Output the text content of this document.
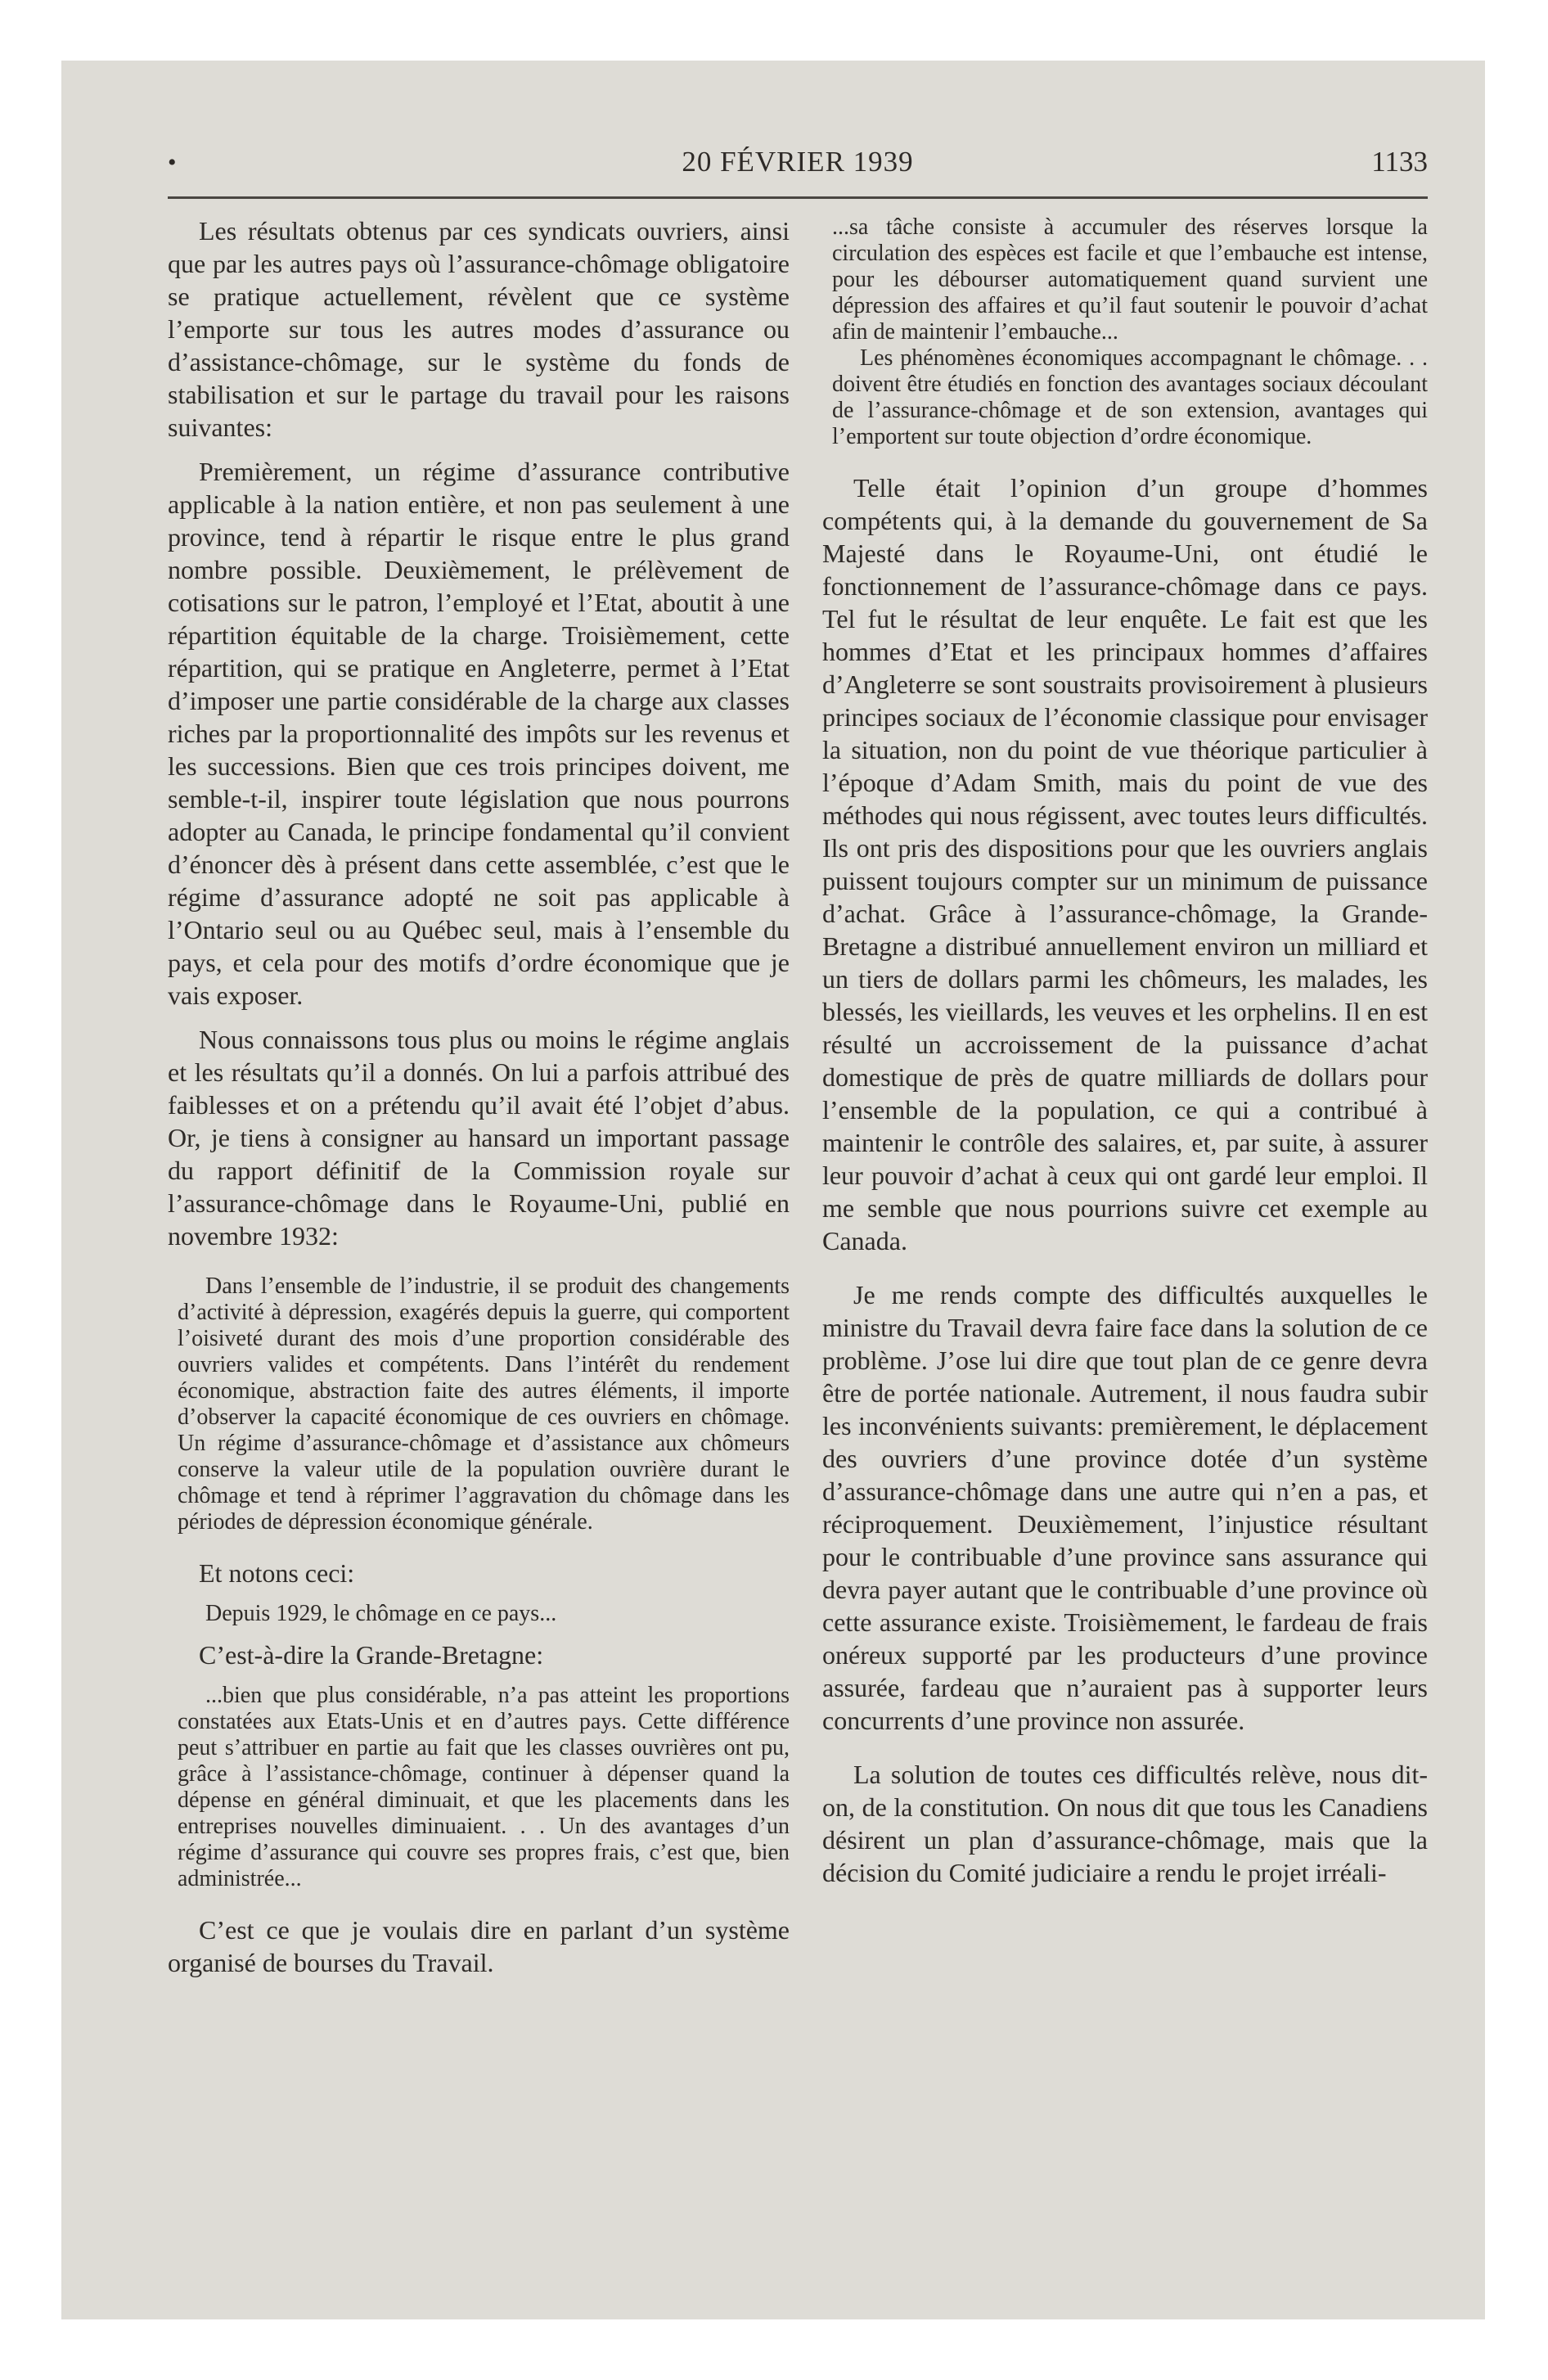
•	20 FÉVRIER 1939	1133

Les résultats obtenus par ces syndicats ouvriers, ainsi que par les autres pays où l’assurance-chômage obligatoire se pratique actuellement, révèlent que ce système l’emporte sur tous les autres modes d’assurance ou d’assistance-chômage, sur le système du fonds de stabilisation et sur le partage du travail pour les raisons suivantes:

Premièrement, un régime d’assurance contributive applicable à la nation entière, et non pas seulement à une province, tend à répartir le risque entre le plus grand nombre possible. Deuxièmement, le prélèvement de cotisations sur le patron, l’employé et l’Etat, aboutit à une répartition équitable de la charge. Troisièmement, cette répartition, qui se pratique en Angleterre, permet à l’Etat d’imposer une partie considérable de la charge aux classes riches par la proportionnalité des impôts sur les revenus et les successions. Bien que ces trois principes doivent, me semble-t-il, inspirer toute législation que nous pourrons adopter au Canada, le principe fondamental qu’il convient d’énoncer dès à présent dans cette assemblée, c’est que le régime d’assurance adopté ne soit pas applicable à l’Ontario seul ou au Québec seul, mais à l’ensemble du pays, et cela pour des motifs d’ordre économique que je vais exposer.

Nous connaissons tous plus ou moins le régime anglais et les résultats qu’il a donnés. On lui a parfois attribué des faiblesses et on a prétendu qu’il avait été l’objet d’abus. Or, je tiens à consigner au hansard un important passage du rapport définitif de la Commission royale sur l’assurance-chômage dans le Royaume-Uni, publié en novembre 1932:

Dans l’ensemble de l’industrie, il se produit des changements d’activité à dépression, exagérés depuis la guerre, qui comportent l’oisiveté durant des mois d’une proportion considérable des ouvriers valides et compétents. Dans l’intérêt du rendement économique, abstraction faite des autres éléments, il importe d’observer la capacité économique de ces ouvriers en chômage. Un régime d’assurance-chômage et d’assistance aux chômeurs conserve la valeur utile de la population ouvrière durant le chômage et tend à réprimer l’aggravation du chômage dans les périodes de dépression économique générale.

Et notons ceci:

Depuis 1929, le chômage en ce pays...

C’est-à-dire la Grande-Bretagne:

...bien que plus considérable, n’a pas atteint les proportions constatées aux Etats-Unis et en d’autres pays. Cette différence peut s’attribuer en partie au fait que les classes ouvrières ont pu, grâce à l’assistance-chômage, continuer à dépenser quand la dépense en général diminuait, et que les placements dans les entreprises nouvelles diminuaient. . . Un des avantages d’un régime d’assurance qui couvre ses propres frais, c’est que, bien administrée...

C’est ce que je voulais dire en parlant d’un système organisé de bourses du Travail.

...sa tâche consiste à accumuler des réserves lorsque la circulation des espèces est facile et que l’embauche est intense, pour les débourser automatiquement quand survient une dépression des affaires et qu’il faut soutenir le pouvoir d’achat afin de maintenir l’embauche...

Les phénomènes économiques accompagnant le chômage. . . doivent être étudiés en fonction des avantages sociaux découlant de l’assurance-chômage et de son extension, avantages qui l’emportent sur toute objection d’ordre économique.

Telle était l’opinion d’un groupe d’hommes compétents qui, à la demande du gouvernement de Sa Majesté dans le Royaume-Uni, ont étudié le fonctionnement de l’assurance-chômage dans ce pays. Tel fut le résultat de leur enquête. Le fait est que les hommes d’Etat et les principaux hommes d’affaires d’Angleterre se sont soustraits provisoirement à plusieurs principes sociaux de l’économie classique pour envisager la situation, non du point de vue théorique particulier à l’époque d’Adam Smith, mais du point de vue des méthodes qui nous régissent, avec toutes leurs difficultés. Ils ont pris des dispositions pour que les ouvriers anglais puissent toujours compter sur un minimum de puissance d’achat. Grâce à l’assurance-chômage, la Grande-Bretagne a distribué annuellement environ un milliard et un tiers de dollars parmi les chômeurs, les malades, les blessés, les vieillards, les veuves et les orphelins. Il en est résulté un accroissement de la puissance d’achat domestique de près de quatre milliards de dollars pour l’ensemble de la population, ce qui a contribué à maintenir le contrôle des salaires, et, par suite, à assurer leur pouvoir d’achat à ceux qui ont gardé leur emploi. Il me semble que nous pourrions suivre cet exemple au Canada.

Je me rends compte des difficultés auxquelles le ministre du Travail devra faire face dans la solution de ce problème. J’ose lui dire que tout plan de ce genre devra être de portée nationale. Autrement, il nous faudra subir les inconvénients suivants: premièrement, le déplacement des ouvriers d’une province dotée d’un système d’assurance-chômage dans une autre qui n’en a pas, et réciproquement. Deuxièmement, l’injustice résultant pour le contribuable d’une province sans assurance qui devra payer autant que le contribuable d’une province où cette assurance existe. Troisièmement, le fardeau de frais onéreux supporté par les producteurs d’une province assurée, fardeau que n’auraient pas à supporter leurs concurrents d’une province non assurée.

La solution de toutes ces difficultés relève, nous dit-on, de la constitution. On nous dit que tous les Canadiens désirent un plan d’assurance-chômage, mais que la décision du Comité judiciaire a rendu le projet irréali-
